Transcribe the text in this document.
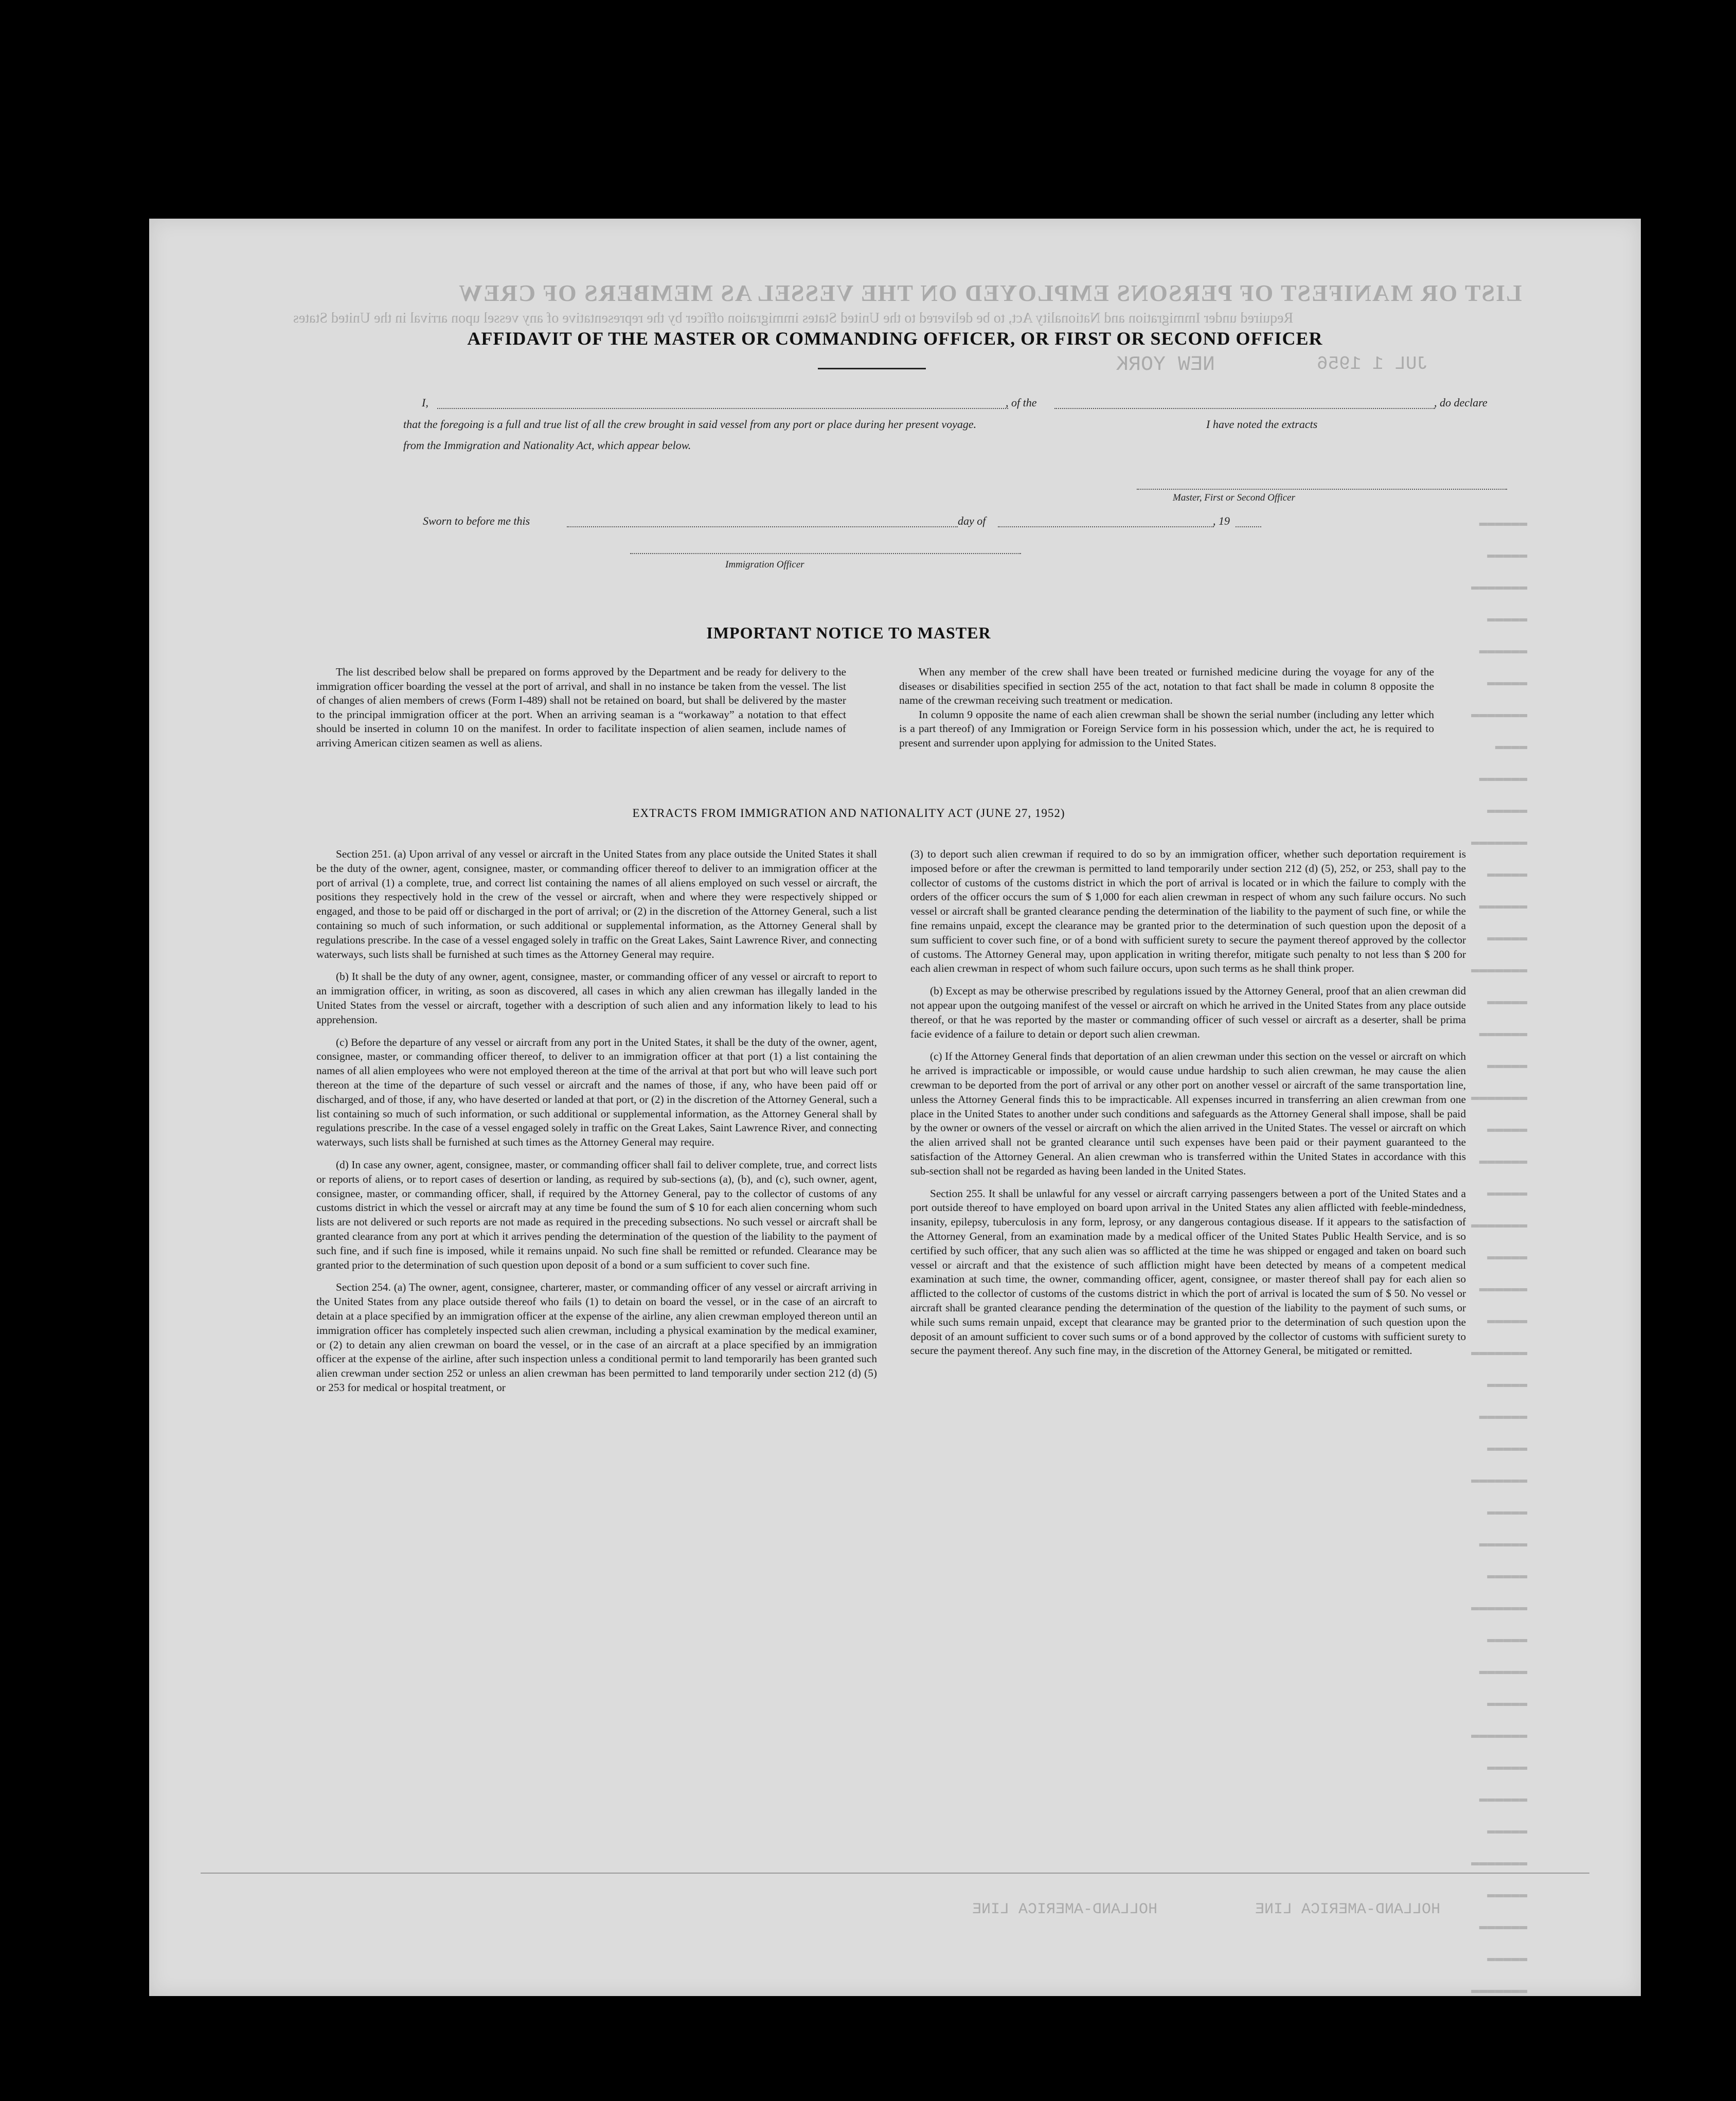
LIST OR MANIFEST OF PERSONS EMPLOYED ON THE VESSEL AS MEMBERS OF CREW
Required under Immigration and Nationality Act, to be delivered to the United States immigration officer by the representative of any vessel upon arrival in the United States
NEW YORK	JUL 1 1956
HOLLAND-AMERICA LINE	HOLLAND-AMERICA LINE
▬▬▬▬▬▬
▬▬▬▬▬
▬▬▬▬▬▬▬
▬▬▬▬▬
▬▬▬▬▬▬
▬▬▬▬▬
▬▬▬▬▬▬▬
▬▬▬▬
▬▬▬▬▬▬
▬▬▬▬▬
▬▬▬▬▬▬▬
▬▬▬▬▬
▬▬▬▬▬▬
▬▬▬▬▬
▬▬▬▬▬▬▬
▬▬▬▬▬
▬▬▬▬▬▬
▬▬▬▬▬
▬▬▬▬▬▬▬
▬▬▬▬▬
▬▬▬▬▬▬
▬▬▬▬▬
▬▬▬▬▬▬▬
▬▬▬▬▬
▬▬▬▬▬▬
▬▬▬▬▬
▬▬▬▬▬▬▬
▬▬▬▬▬
▬▬▬▬▬▬
▬▬▬▬▬
▬▬▬▬▬▬▬
▬▬▬▬▬
▬▬▬▬▬▬
▬▬▬▬▬
▬▬▬▬▬▬▬
▬▬▬▬▬
▬▬▬▬▬▬
▬▬▬▬▬
▬▬▬▬▬▬▬
▬▬▬▬▬
▬▬▬▬▬▬
▬▬▬▬▬
▬▬▬▬▬▬▬
▬▬▬▬▬
▬▬▬▬▬▬
▬▬▬▬▬
▬▬▬▬▬▬▬
AFFIDAVIT OF THE MASTER OR COMMANDING OFFICER, OR FIRST OR SECOND OFFICER
I,	, of the	, do declare
that the foregoing is a full and true list of all the crew brought in said vessel from any port or place during her present voyage.	I have noted the extracts
from the Immigration and Nationality Act, which appear below.
Master, First or Second Officer
Sworn to before me this	day of	, 19
Immigration Officer
IMPORTANT NOTICE TO MASTER

The list described below shall be prepared on forms approved by the Department and be ready for delivery to the immigration officer boarding the vessel at the port of arrival, and shall in no instance be taken from the vessel. The list of changes of alien members of crews (Form I-489) shall not be retained on board, but shall be delivered by the master to the principal immigration officer at the port. When an arriving seaman is a “workaway” a notation to that effect should be inserted in column 10 on the manifest. In order to facilitate inspection of alien seamen, include names of arriving American citizen seamen as well as aliens.

When any member of the crew shall have been treated or furnished medicine during the voyage for any of the diseases or disabilities specified in section 255 of the act, notation to that fact shall be made in column 8 opposite the name of the crewman receiving such treatment or medication.

In column 9 opposite the name of each alien crewman shall be shown the serial number (including any letter which is a part thereof) of any Immigration or Foreign Service form in his possession which, under the act, he is required to present and surrender upon applying for admission to the United States.

EXTRACTS FROM IMMIGRATION AND NATIONALITY ACT (JUNE 27, 1952)

Section 251. (a) Upon arrival of any vessel or aircraft in the United States from any place outside the United States it shall be the duty of the owner, agent, consignee, master, or commanding officer thereof to deliver to an immigration officer at the port of arrival (1) a complete, true, and correct list containing the names of all aliens employed on such vessel or aircraft, the positions they respectively hold in the crew of the vessel or aircraft, when and where they were respectively shipped or engaged, and those to be paid off or discharged in the port of arrival; or (2) in the discretion of the Attorney General, such a list containing so much of such information, or such additional or supplemental information, as the Attorney General shall by regulations prescribe. In the case of a vessel engaged solely in traffic on the Great Lakes, Saint Lawrence River, and connecting waterways, such lists shall be furnished at such times as the Attorney General may require.

(b) It shall be the duty of any owner, agent, consignee, master, or commanding officer of any vessel or aircraft to report to an immigration officer, in writing, as soon as discovered, all cases in which any alien crewman has illegally landed in the United States from the vessel or aircraft, together with a description of such alien and any information likely to lead to his apprehension.

(c) Before the departure of any vessel or aircraft from any port in the United States, it shall be the duty of the owner, agent, consignee, master, or commanding officer thereof, to deliver to an immigration officer at that port (1) a list containing the names of all alien employees who were not employed thereon at the time of the arrival at that port but who will leave such port thereon at the time of the departure of such vessel or aircraft and the names of those, if any, who have been paid off or discharged, and of those, if any, who have deserted or landed at that port, or (2) in the discretion of the Attorney General, such a list containing so much of such information, or such additional or supplemental information, as the Attorney General shall by regulations prescribe. In the case of a vessel engaged solely in traffic on the Great Lakes, Saint Lawrence River, and connecting waterways, such lists shall be furnished at such times as the Attorney General may require.

(d) In case any owner, agent, consignee, master, or commanding officer shall fail to deliver complete, true, and correct lists or reports of aliens, or to report cases of desertion or landing, as required by sub-sections (a), (b), and (c), such owner, agent, consignee, master, or commanding officer, shall, if required by the Attorney General, pay to the collector of customs of any customs district in which the vessel or aircraft may at any time be found the sum of $ 10 for each alien concerning whom such lists are not delivered or such reports are not made as required in the preceding subsections. No such vessel or aircraft shall be granted clearance from any port at which it arrives pending the determination of the question of the liability to the payment of such fine, and if such fine is imposed, while it remains unpaid. No such fine shall be remitted or refunded. Clearance may be granted prior to the determination of such question upon deposit of a bond or a sum sufficient to cover such fine.

Section 254. (a) The owner, agent, consignee, charterer, master, or commanding officer of any vessel or aircraft arriving in the United States from any place outside thereof who fails (1) to detain on board the vessel, or in the case of an aircraft to detain at a place specified by an immigration officer at the expense of the airline, any alien crewman employed thereon until an immigration officer has completely inspected such alien crewman, including a physical examination by the medical examiner, or (2) to detain any alien crewman on board the vessel, or in the case of an aircraft at a place specified by an immigration officer at the expense of the airline, after such inspection unless a conditional permit to land temporarily has been granted such alien crewman under section 252 or unless an alien crewman has been permitted to land temporarily under section 212 (d) (5) or 253 for medical or hospital treatment, or

(3) to deport such alien crewman if required to do so by an immigration officer, whether such deportation requirement is imposed before or after the crewman is permitted to land temporarily under section 212 (d) (5), 252, or 253, shall pay to the collector of customs of the customs district in which the port of arrival is located or in which the failure to comply with the orders of the officer occurs the sum of $ 1,000 for each alien crewman in respect of whom any such failure occurs. No such vessel or aircraft shall be granted clearance pending the determination of the liability to the payment of such fine, or while the fine remains unpaid, except the clearance may be granted prior to the determination of such question upon the deposit of a sum sufficient to cover such fine, or of a bond with sufficient surety to secure the payment thereof approved by the collector of customs. The Attorney General may, upon application in writing therefor, mitigate such penalty to not less than $ 200 for each alien crewman in respect of whom such failure occurs, upon such terms as he shall think proper.

(b) Except as may be otherwise prescribed by regulations issued by the Attorney General, proof that an alien crewman did not appear upon the outgoing manifest of the vessel or aircraft on which he arrived in the United States from any place outside thereof, or that he was reported by the master or commanding officer of such vessel or aircraft as a deserter, shall be prima facie evidence of a failure to detain or deport such alien crewman.

(c) If the Attorney General finds that deportation of an alien crewman under this section on the vessel or aircraft on which he arrived is impracticable or impossible, or would cause undue hardship to such alien crewman, he may cause the alien crewman to be deported from the port of arrival or any other port on another vessel or aircraft of the same transportation line, unless the Attorney General finds this to be impracticable. All expenses incurred in transferring an alien crewman from one place in the United States to another under such conditions and safeguards as the Attorney General shall impose, shall be paid by the owner or owners of the vessel or aircraft on which the alien arrived in the United States. The vessel or aircraft on which the alien arrived shall not be granted clearance until such expenses have been paid or their payment guaranteed to the satisfaction of the Attorney General. An alien crewman who is transferred within the United States in accordance with this sub-section shall not be regarded as having been landed in the United States.

Section 255. It shall be unlawful for any vessel or aircraft carrying passengers between a port of the United States and a port outside thereof to have employed on board upon arrival in the United States any alien afflicted with feeble-mindedness, insanity, epilepsy, tuberculosis in any form, leprosy, or any dangerous contagious disease. If it appears to the satisfaction of the Attorney General, from an examination made by a medical officer of the United States Public Health Service, and is so certified by such officer, that any such alien was so afflicted at the time he was shipped or engaged and taken on board such vessel or aircraft and that the existence of such affliction might have been detected by means of a competent medical examination at such time, the owner, commanding officer, agent, consignee, or master thereof shall pay for each alien so afflicted to the collector of customs of the customs district in which the port of arrival is located the sum of $ 50. No vessel or aircraft shall be granted clearance pending the determination of the question of the liability to the payment of such sums, or while such sums remain unpaid, except that clearance may be granted prior to the determination of such question upon the deposit of an amount sufficient to cover such sums or of a bond approved by the collector of customs with sufficient surety to secure the payment thereof. Any such fine may, in the discretion of the Attorney General, be mitigated or remitted.
